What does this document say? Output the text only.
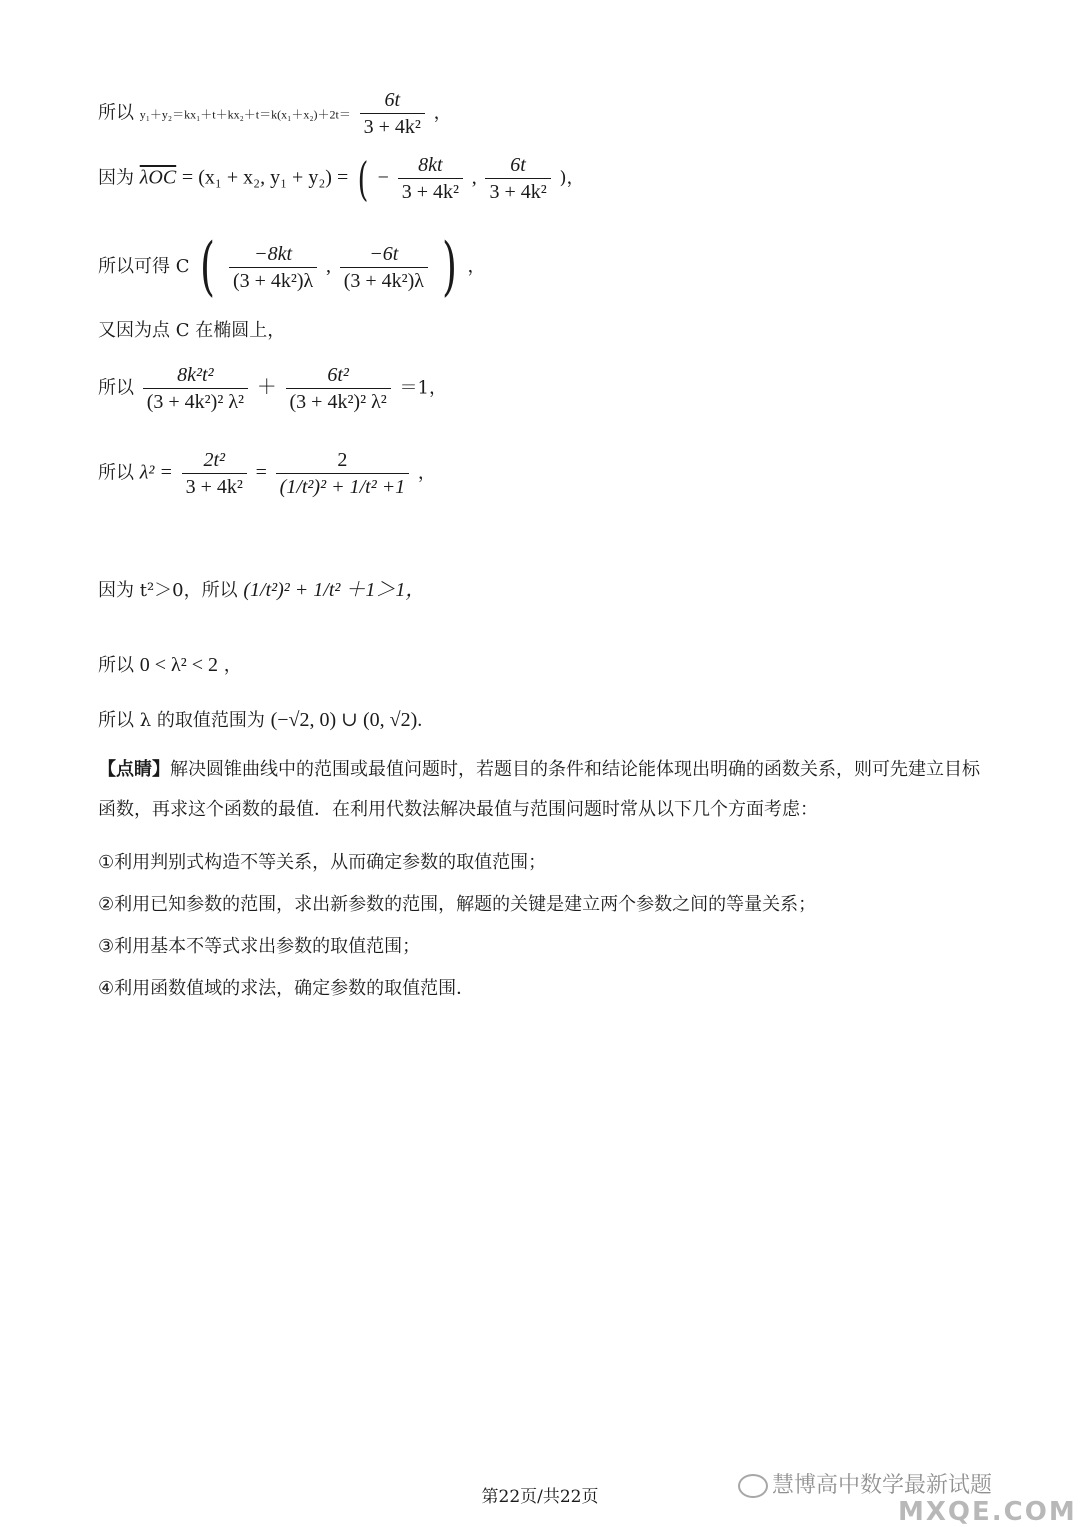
所以 $y_1+y_2=kx_1+t+kx_2+t=k(x_1+x_2)+2t= \frac{6t}{\text{3 + 4k²}}$ ，
因为 $\overline{\lambda OC} = (x_1 + x_2$, y₁ + y₂) = ( − $\frac{8kt}{\text{3 + 4k²}}$ , $\frac{6t}{\text{3 + 4k²}}$ )，
所以可得 C ( $\frac{-8kt}{\text{(3 + 4k²)λ}}$ , $\frac{-6t}{\text{(3 + 4k²)λ}}$ ) ，
又因为点 C 在椭圆上，
所以 $\frac{\text{8k²t²}}{\text{(3 + 4k²)² λ²}} + \frac{\text{6t²}}{\text{(3 + 4k²)² λ²}} =1$，
所以 $\lambda^2 = \frac{\text{2t²}}{\text{3 + 4k²}} = \frac{2}{\text{(1/t²)² + 1/t² +1}}$ ，
因为 t²＞0，所以 (1/t²)² + 1/t² ＋1＞1，
所以 0 < λ² < 2 ，
所以 λ 的取值范围为 (−√2, 0) ∪ (0, √2).
【点睛】解决圆锥曲线中的范围或最值问题时，若题目的条件和结论能体现出明确的函数关系，则可先建立目标函数，再求这个函数的最值．在利用代数法解决最值与范围问题时常从以下几个方面考虑：
①利用判别式构造不等关系，从而确定参数的取值范围；
②利用已知参数的范围，求出新参数的范围，解题的关键是建立两个参数之间的等量关系；
③利用基本不等式求出参数的取值范围；
④利用函数值域的求法，确定参数的取值范围．
慧博高中数学最新试题
MXQE.COM
第22页/共22页
